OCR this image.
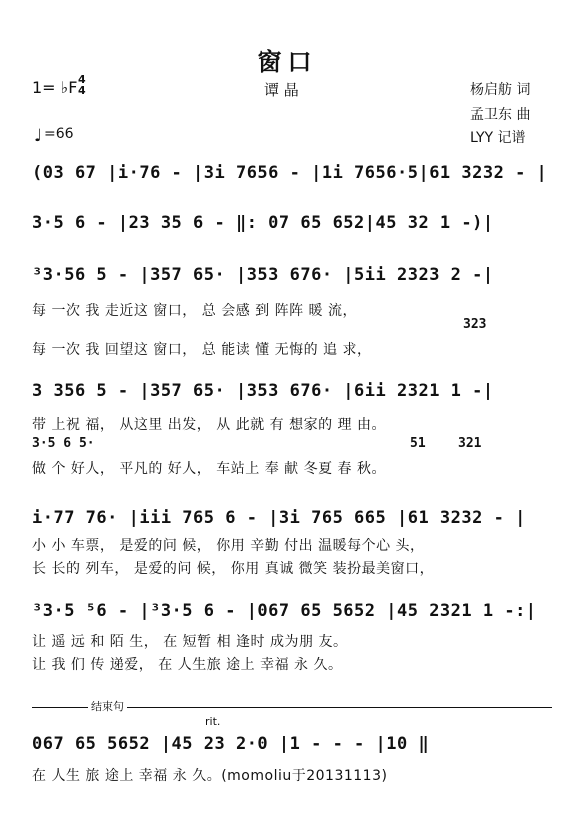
窗口
1= ♭F 4
4	谭 晶	杨启舫 词
孟卫东 曲
LYY 记谱
♩ =66
(03 67 |i·76 - |3i 7656 - |1i 7656·5|61 3232 - |
3·5 6 - |23 35 6 - ‖: 07 65 652|45 32 1 -)|
³3·56 5 - |357 65· |353 676· |5ii 2323 2 -|
每 一次 我 走近这 窗口， 总 会感 到 阵阵 暖 流，
323
每 一次 我 回望这 窗口， 总 能读 懂 无悔的 追 求，
3 356 5 - |357 65· |353 676· |6ii 2321 1 -|
带 上祝 福， 从这里 出发， 从 此就 有 想家的 理 由。
3·5 6 5·	51 321
做 个 好人， 平凡的 好人， 车站上 奉 献 冬夏 春 秋。
i·77 76· |iii 765 6 - |3i 765 665 |61 3232 - |
小 小 车票， 是爱的问 候， 你用 辛勤 付出 温暖每个心 头，
长 长的 列车， 是爱的问 候， 你用 真诚 微笑 装扮最美窗口，
³3·5 ⁵6 - |³3·5 6 - |067 65 5652 |45 2321 1 -:|
让 遥 远 和 陌 生， 在 短暂 相 逢时 成为朋 友。
让 我 们 传 递爱， 在 人生旅 途上 幸福 永 久。
结束句
rit.
067 65 5652 |45 23 2·0 |1 - - - |10 ‖
在 人生 旅 途上 幸福 永 久。(momoliu于20131113)
